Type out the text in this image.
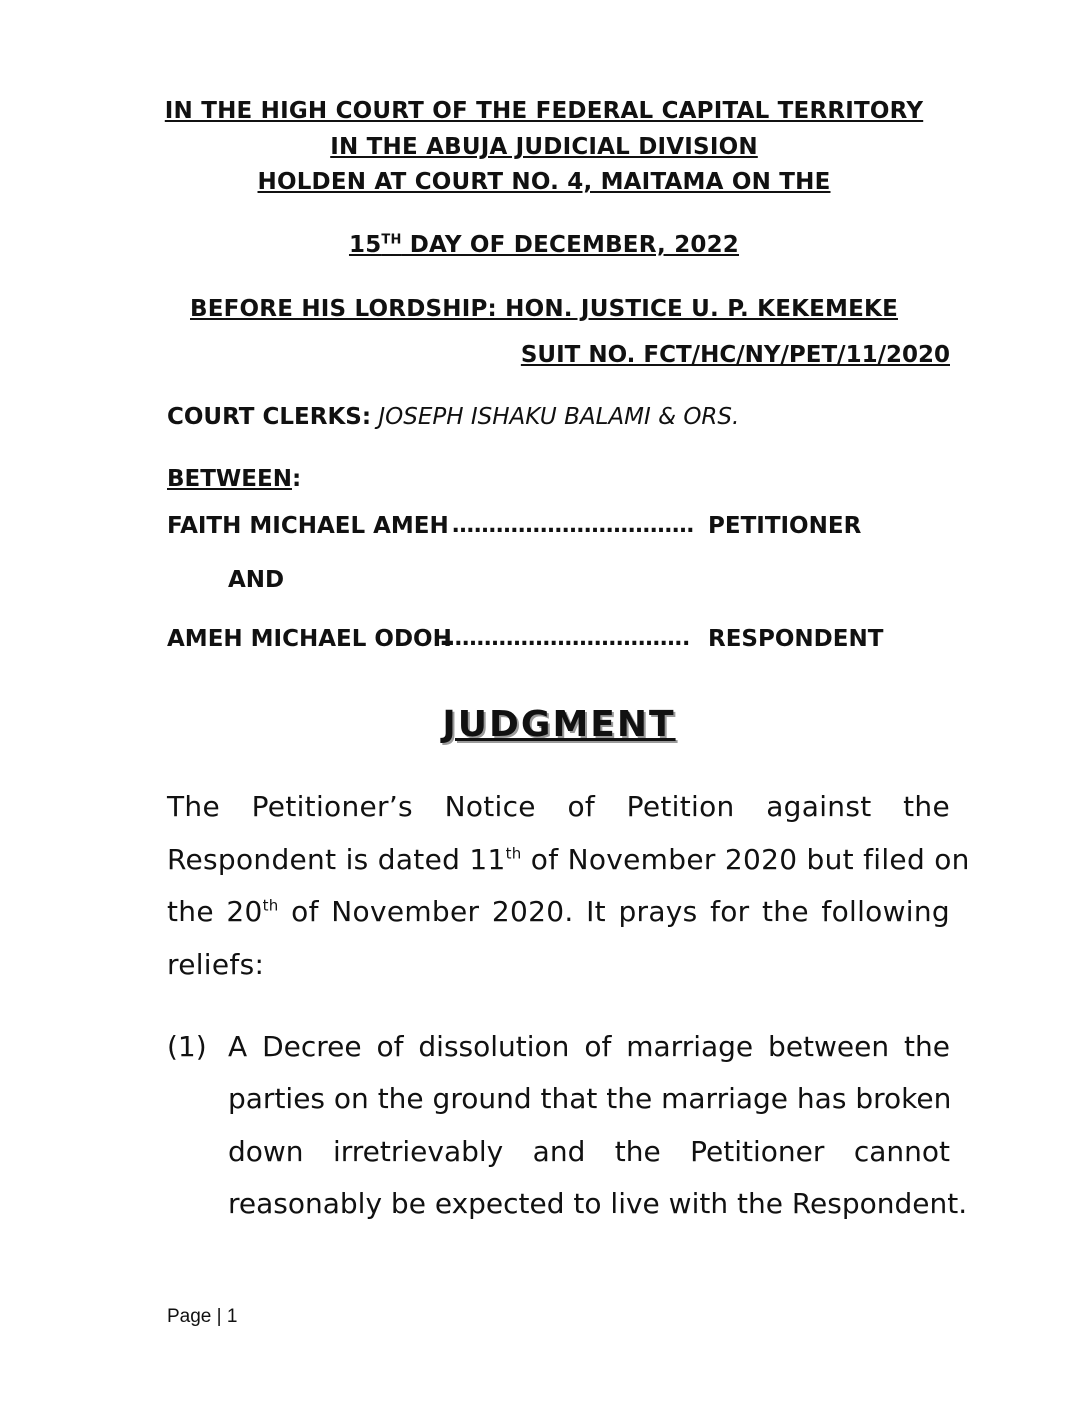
IN THE HIGH COURT OF THE FEDERAL CAPITAL TERRITORY
IN THE ABUJA JUDICIAL DIVISION
HOLDEN AT COURT NO. 4, MAITAMA ON THE
15TH DAY OF DECEMBER, 2022
BEFORE HIS LORDSHIP: HON. JUSTICE U. P. KEKEMEKE
SUIT NO. FCT/HC/NY/PET/11/2020
COURT CLERKS: JOSEPH ISHAKU BALAMI & ORS.
BETWEEN:
FAITH MICHAEL AMEH …………………………… PETITIONER
AND
AMEH MICHAEL ODOH
……………………………. RESPONDENT
JUDGMENT
The Petitioner’s Notice of Petition against the
Respondent is dated 11th of November 2020 but filed on
the 20th of November 2020. It prays for the following
reliefs:
(1) A Decree of dissolution of marriage between the
parties on the ground that the marriage has broken
down irretrievably and the Petitioner cannot
reasonably be expected to live with the Respondent.
Page | 1
